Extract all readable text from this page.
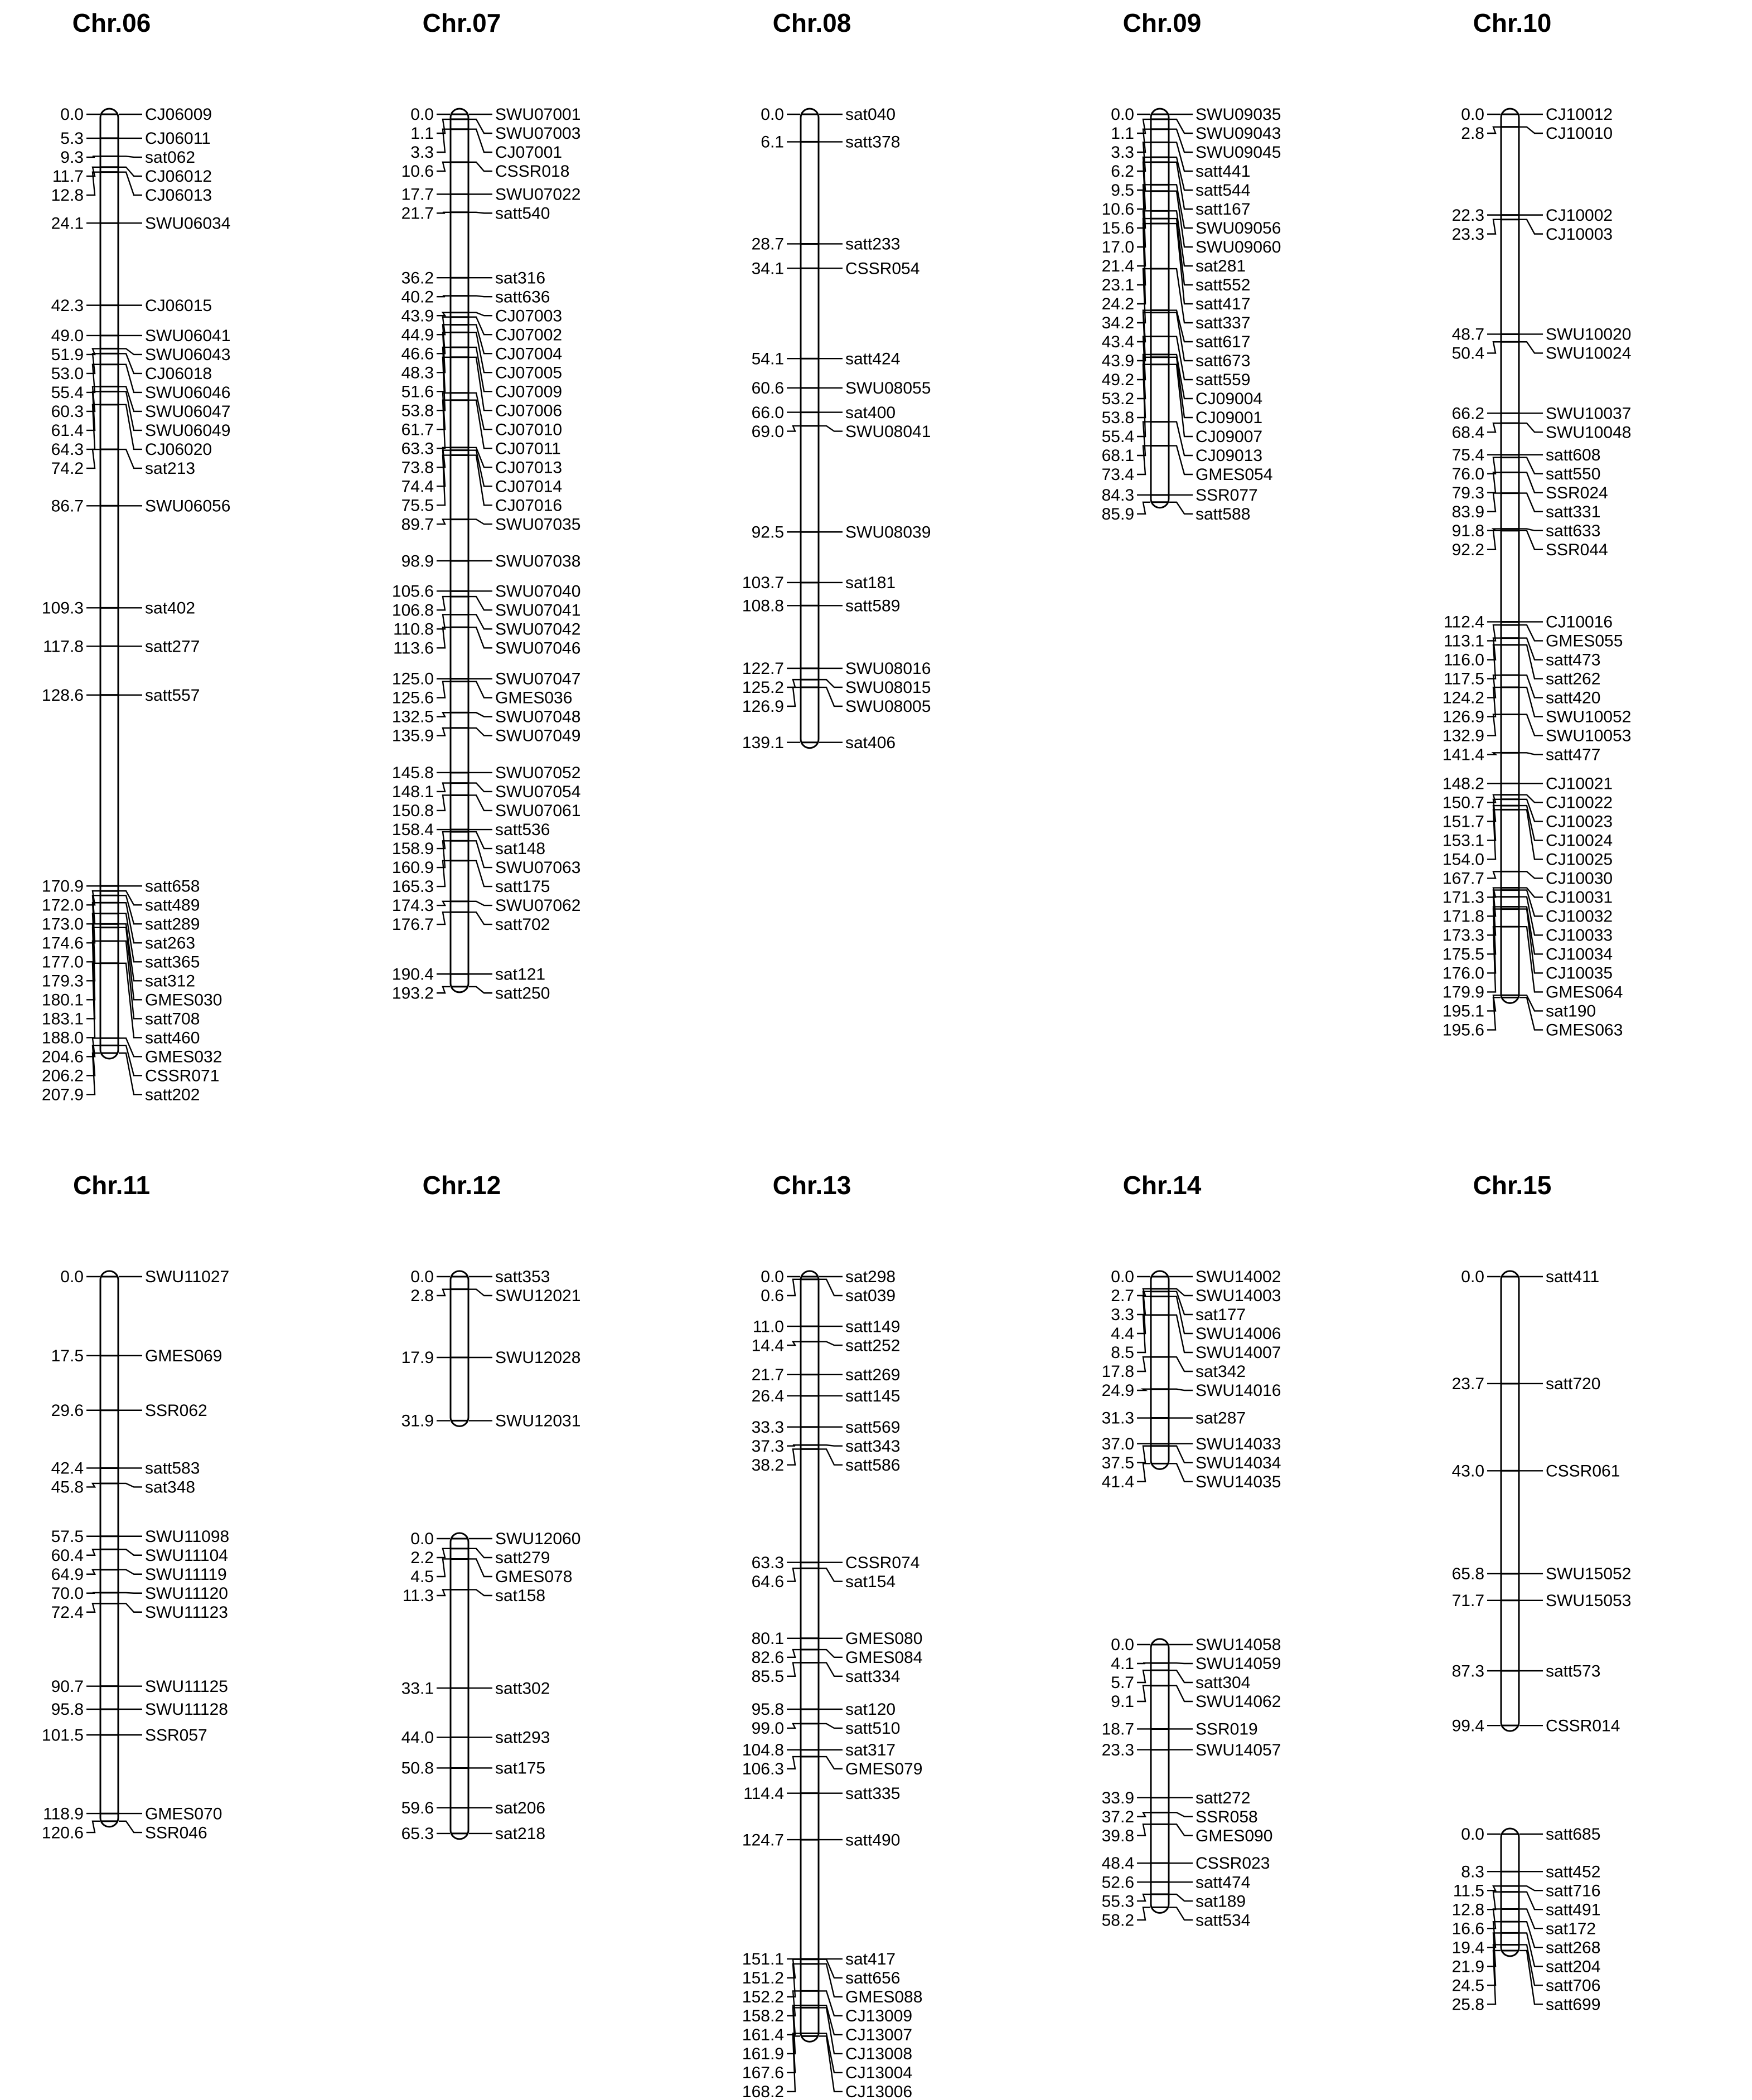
Chr.06
0.0	CJ06009
5.3	CJ06011
9.3	sat062
11.7	CJ06012
12.8	CJ06013
24.1	SWU06034
42.3	CJ06015
49.0	SWU06041
51.9	SWU06043
53.0	CJ06018
55.4	SWU06046
60.3	SWU06047
61.4	SWU06049
64.3	CJ06020
74.2	sat213
86.7	SWU06056
109.3	sat402
117.8	satt277
128.6	satt557
170.9	satt658
172.0	satt489
173.0	satt289
174.6	sat263
177.0	satt365
179.3	sat312
180.1	GMES030
183.1	satt708
188.0	satt460
204.6	GMES032
206.2	CSSR071
207.9	satt202
Chr.07
0.0	SWU07001
1.1	SWU07003
3.3	CJ07001
10.6	CSSR018
17.7	SWU07022
21.7	satt540
36.2	sat316
40.2	satt636
43.9	CJ07003
44.9	CJ07002
46.6	CJ07004
48.3	CJ07005
51.6	CJ07009
53.8	CJ07006
61.7	CJ07010
63.3	CJ07011
73.8	CJ07013
74.4	CJ07014
75.5	CJ07016
89.7	SWU07035
98.9	SWU07038
105.6	SWU07040
106.8	SWU07041
110.8	SWU07042
113.6	SWU07046
125.0	SWU07047
125.6	GMES036
132.5	SWU07048
135.9	SWU07049
145.8	SWU07052
148.1	SWU07054
150.8	SWU07061
158.4	satt536
158.9	sat148
160.9	SWU07063
165.3	satt175
174.3	SWU07062
176.7	satt702
190.4	sat121
193.2	satt250
Chr.08
0.0	sat040
6.1	satt378
28.7	satt233
34.1	CSSR054
54.1	satt424
60.6	SWU08055
66.0	sat400
69.0	SWU08041
92.5	SWU08039
103.7	sat181
108.8	satt589
122.7	SWU08016
125.2	SWU08015
126.9	SWU08005
139.1	sat406
Chr.09
0.0	SWU09035
1.1	SWU09043
3.3	SWU09045
6.2	satt441
9.5	satt544
10.6	satt167
15.6	SWU09056
17.0	SWU09060
21.4	sat281
23.1	satt552
24.2	satt417
34.2	satt337
43.4	satt617
43.9	satt673
49.2	satt559
53.2	CJ09004
53.8	CJ09001
55.4	CJ09007
68.1	CJ09013
73.4	GMES054
84.3	SSR077
85.9	satt588
Chr.10
0.0	CJ10012
2.8	CJ10010
22.3	CJ10002
23.3	CJ10003
48.7	SWU10020
50.4	SWU10024
66.2	SWU10037
68.4	SWU10048
75.4	satt608
76.0	satt550
79.3	SSR024
83.9	satt331
91.8	satt633
92.2	SSR044
112.4	CJ10016
113.1	GMES055
116.0	satt473
117.5	satt262
124.2	satt420
126.9	SWU10052
132.9	SWU10053
141.4	satt477
148.2	CJ10021
150.7	CJ10022
151.7	CJ10023
153.1	CJ10024
154.0	CJ10025
167.7	CJ10030
171.3	CJ10031
171.8	CJ10032
173.3	CJ10033
175.5	CJ10034
176.0	CJ10035
179.9	GMES064
195.1	sat190
195.6	GMES063
Chr.11
0.0	SWU11027
17.5	GMES069
29.6	SSR062
42.4	satt583
45.8	sat348
57.5	SWU11098
60.4	SWU11104
64.9	SWU11119
70.0	SWU11120
72.4	SWU11123
90.7	SWU11125
95.8	SWU11128
101.5	SSR057
118.9	GMES070
120.6	SSR046
Chr.12
0.0	satt353
2.8	SWU12021
17.9	SWU12028
31.9	SWU12031
0.0	SWU12060
2.2	satt279
4.5	GMES078
11.3	sat158
33.1	satt302
44.0	satt293
50.8	sat175
59.6	sat206
65.3	sat218
Chr.13
0.0	sat298
0.6	sat039
11.0	satt149
14.4	satt252
21.7	satt269
26.4	satt145
33.3	satt569
37.3	satt343
38.2	satt586
63.3	CSSR074
64.6	sat154
80.1	GMES080
82.6	GMES084
85.5	satt334
95.8	sat120
99.0	satt510
104.8	sat317
106.3	GMES079
114.4	satt335
124.7	satt490
151.1	sat417
151.2	satt656
152.2	GMES088
158.2	CJ13009
161.4	CJ13007
161.9	CJ13008
167.6	CJ13004
168.2	CJ13006
Chr.14
0.0	SWU14002
2.7	SWU14003
3.3	sat177
4.4	SWU14006
8.5	SWU14007
17.8	sat342
24.9	SWU14016
31.3	sat287
37.0	SWU14033
37.5	SWU14034
41.4	SWU14035
0.0	SWU14058
4.1	SWU14059
5.7	satt304
9.1	SWU14062
18.7	SSR019
23.3	SWU14057
33.9	satt272
37.2	SSR058
39.8	GMES090
48.4	CSSR023
52.6	satt474
55.3	sat189
58.2	satt534
Chr.15
0.0	satt411
23.7	satt720
43.0	CSSR061
65.8	SWU15052
71.7	SWU15053
87.3	satt573
99.4	CSSR014
0.0	satt685
8.3	satt452
11.5	satt716
12.8	satt491
16.6	sat172
19.4	satt268
21.9	satt204
24.5	satt706
25.8	satt699
